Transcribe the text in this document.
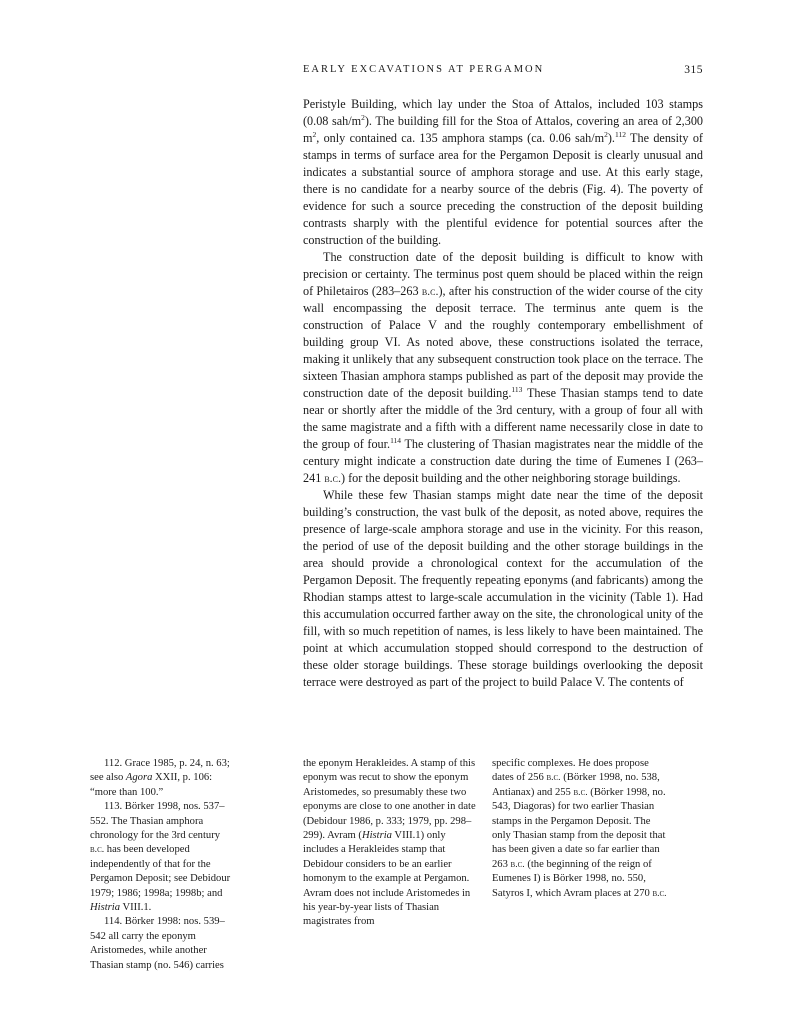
EARLY EXCAVATIONS AT PERGAMON	315

Peristyle Building, which lay under the Stoa of Attalos, included 103 stamps (0.08 sah/$m^2$). The building fill for the Stoa of Attalos, covering an area of 2,300 $m^2$, only contained ca. 135 amphora stamps (ca. 0.06 sah/$m^2).^{112}$ The density of stamps in terms of surface area for the Pergamon Deposit is clearly unusual and indicates a substantial source of amphora storage and use. At this early stage, there is no candidate for a nearby source of the debris (Fig. 4). The poverty of evidence for such a source preceding the construction of the deposit building contrasts sharply with the plentiful evidence for potential sources after the construction of the building.

The construction date of the deposit building is difficult to know with precision or certainty. The terminus post quem should be placed within the reign of Philetairos (283–263 b.c.), after his construction of the wider course of the city wall encompassing the deposit terrace. The terminus ante quem is the construction of Palace V and the roughly contemporary embellishment of building group VI. As noted above, these constructions isolated the terrace, making it unlikely that any subsequent construction took place on the terrace. The sixteen Thasian amphora stamps published as part of the deposit may provide the construction date of the deposit building.$^{113}$ These Thasian stamps tend to date near or shortly after the middle of the 3rd century, with a group of four all with the same magistrate and a fifth with a different name necessarily close in date to the group of four.$^{114}$ The clustering of Thasian magistrates near the middle of the century might indicate a construction date during the time of Eumenes I (263–241 b.c.) for the deposit building and the other neighboring storage buildings.

While these few Thasian stamps might date near the time of the deposit building’s construction, the vast bulk of the deposit, as noted above, requires the presence of large-scale amphora storage and use in the vicinity. For this reason, the period of use of the deposit building and the other storage buildings in the area should provide a chronological context for the accumulation of the Pergamon Deposit. The frequently repeating eponyms (and fabricants) among the Rhodian stamps attest to large-scale accumulation in the vicinity (Table 1). Had this accumulation occurred farther away on the site, the chronological unity of the fill, with so much repetition of names, is less likely to have been maintained. The point at which accumulation stopped should correspond to the destruction of these older storage buildings. These storage buildings overlooking the deposit terrace were destroyed as part of the project to build Palace V. The contents of

112. Grace 1985, p. 24, n. 63; see also Agora XXII, p. 106: “more than 100.”

113. Börker 1998, nos. 537–552. The Thasian amphora chronology for the 3rd century b.c. has been developed independently of that for the Pergamon Deposit; see Debidour 1979; 1986; 1998a; 1998b; and Histria VIII.1.

114. Börker 1998: nos. 539–542 all carry the eponym Aristomedes, while another Thasian stamp (no. 546) carries

the eponym Herakleides. A stamp of this eponym was recut to show the eponym Aristomedes, so presumably these two eponyms are close to one another in date (Debidour 1986, p. 333; 1979, pp. 298–299). Avram (Histria VIII.1) only includes a Herakleides stamp that Debidour considers to be an earlier homonym to the example at Pergamon. Avram does not include Aristomedes in his year-by-year lists of Thasian magistrates from

specific complexes. He does propose dates of 256 b.c. (Börker 1998, no. 538, Antianax) and 255 b.c. (Börker 1998, no. 543, Diagoras) for two earlier Thasian stamps in the Pergamon Deposit. The only Thasian stamp from the deposit that has been given a date so far earlier than 263 b.c. (the beginning of the reign of Eumenes I) is Börker 1998, no. 550, Satyros I, which Avram places at 270 b.c.
